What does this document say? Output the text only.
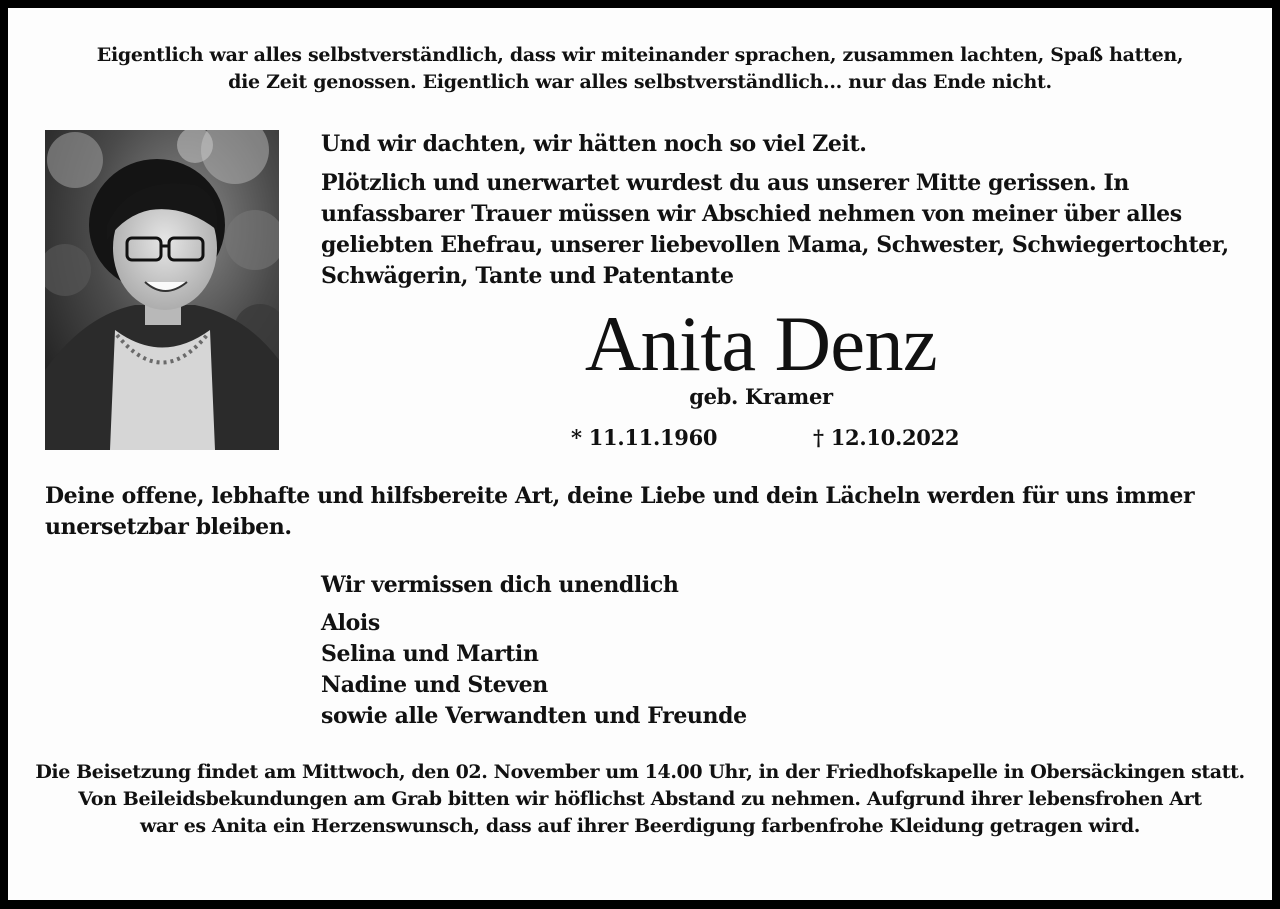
Eigentlich war alles selbstverständlich, dass wir miteinander sprachen, zusammen lachten, Spaß hatten,
die Zeit genossen. Eigentlich war alles selbstverständlich... nur das Ende nicht.

Und wir dachten, wir hätten noch so viel Zeit.

Plötzlich und unerwartet wurdest du aus unserer Mitte gerissen. In unfassbarer Trauer müssen wir Abschied nehmen von meiner über alles geliebten Ehefrau, unserer liebevollen Mama, Schwester, Schwiegertochter, Schwägerin, Tante und Patentante

Anita Denz

geb. Kramer

* 11.11.1960	† 12.10.2022

Deine offene, lebhafte und hilfsbereite Art, deine Liebe und dein Lächeln werden für uns immer unersetzbar bleiben.

Wir vermissen dich unendlich

Alois
Selina und Martin
Nadine und Steven
sowie alle Verwandten und Freunde
Die Beisetzung findet am Mittwoch, den 02. November um 14.00 Uhr, in der Friedhofskapelle in Obersäckingen statt.
Von Beileidsbekundungen am Grab bitten wir höflichst Abstand zu nehmen. Aufgrund ihrer lebensfrohen Art
war es Anita ein Herzenswunsch, dass auf ihrer Beerdigung farbenfrohe Kleidung getragen wird.
